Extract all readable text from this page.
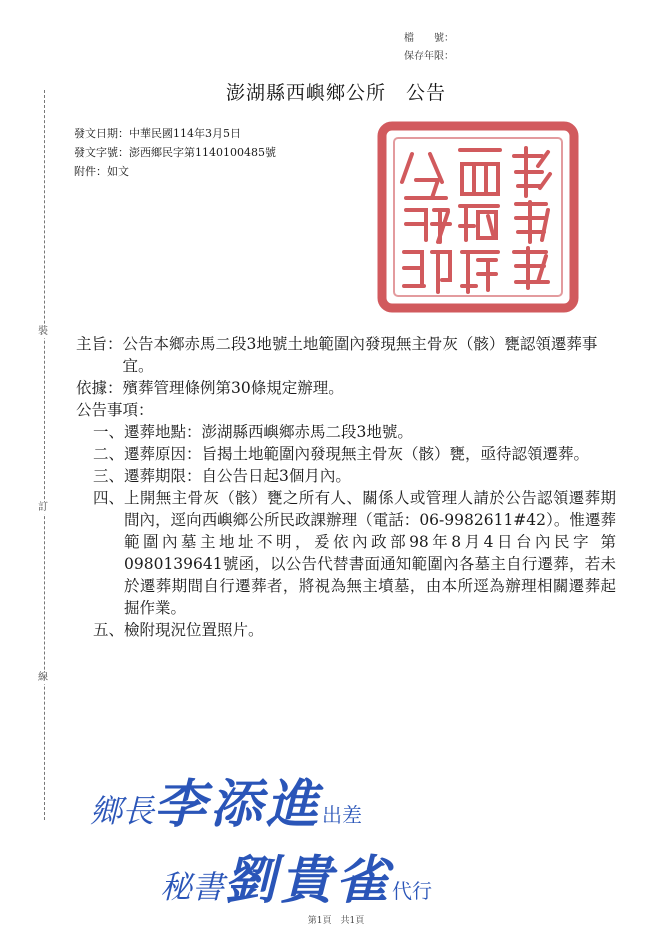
檔　　號：
保存年限：
澎湖縣西嶼鄉公所　公告
裝
訂
線
發文日期：中華民國114年3月5日
發文字號：澎西鄉民字第1140100485號
附件：如文
主旨： 公告本鄉赤馬二段3地號土地範圍內發現無主骨灰（骸）甕認領遷葬事宜。
依據： 殯葬管理條例第30條規定辦理。
公告事項：
一、 遷葬地點：澎湖縣西嶼鄉赤馬二段3地號。
二、 遷葬原因：旨揭土地範圍內發現無主骨灰（骸）甕，亟待認領遷葬。
三、 遷葬期限：自公告日起3個月內。
四、 上開無主骨灰（骸）甕之所有人、關係人或管理人請於公告認領遷葬期間內，逕向西嶼鄉公所民政課辦理（電話：06-9982611#42）。惟遷葬範圍內墓主地址不明，爰依內政部98年8月4日台內民字 第0980139641號函，以公告代替書面通知範圍內各墓主自行遷葬，若未於遷葬期間自行遷葬者，將視為無主墳墓，由本所逕為辦理相關遷葬起掘作業。
五、 檢附現況位置照片。
鄉長李添進出差
秘書劉貴雀代行
第1頁　共1頁
